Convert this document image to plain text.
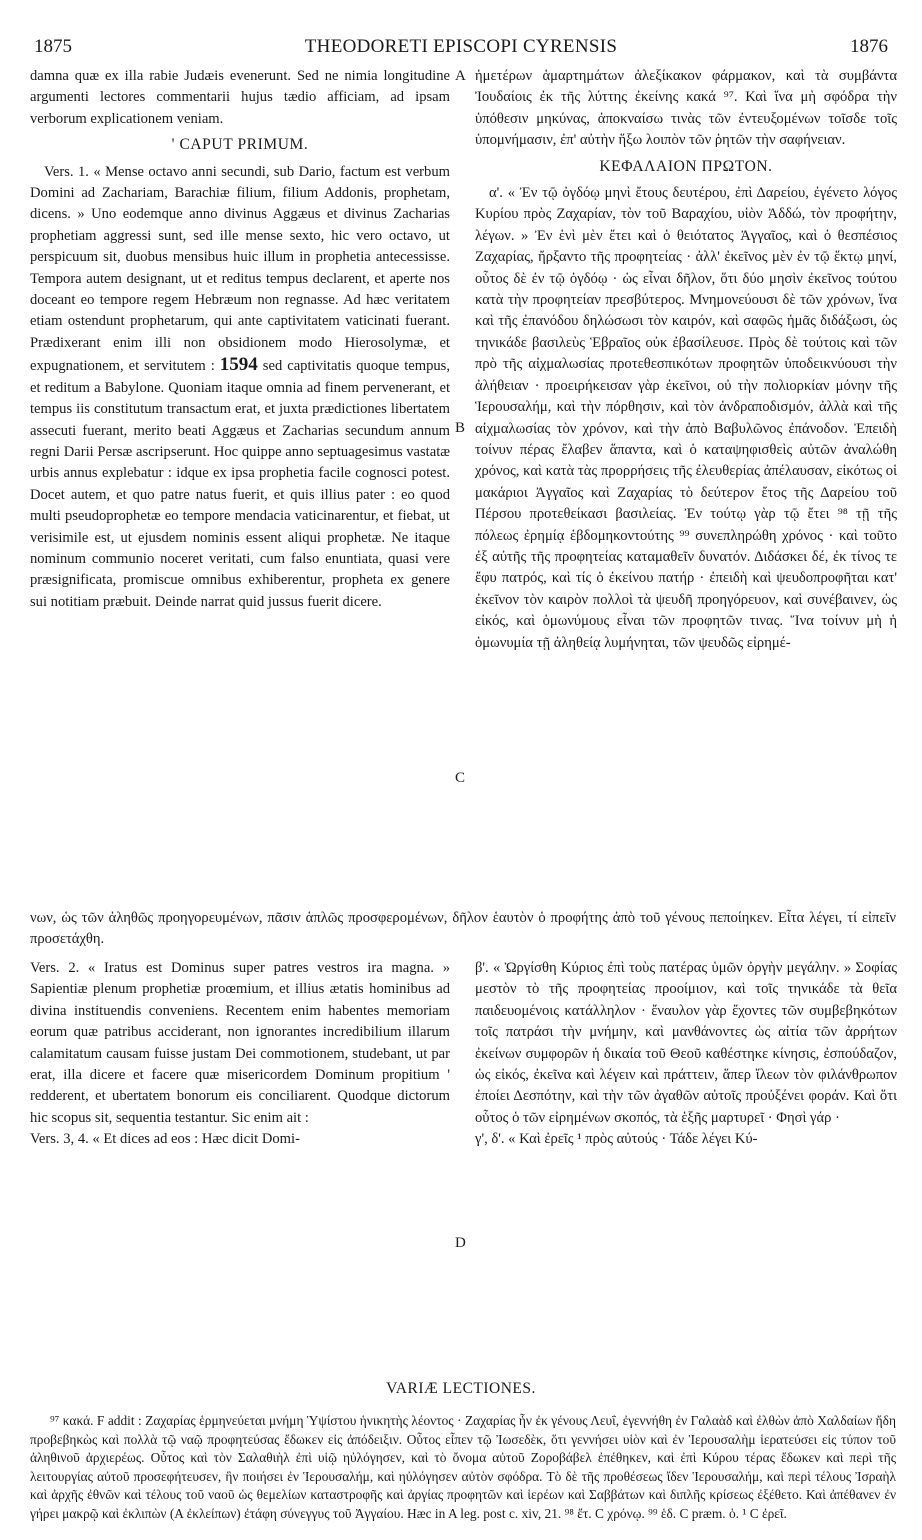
1875	THEODORETI EPISCOPI CYRENSIS	1876

damna quæ ex illa rabie Judæis evenerunt. Sed ne nimia longitudine argumenti lectores commentarii hujus tædio afficiam, ad ipsam verborum explicationem veniam.

' CAPUT PRIMUM.

Vers. 1. « Mense octavo anni secundi, sub Dario, factum est verbum Domini ad Zachariam, Barachiæ filium, filium Addonis, prophetam, dicens. » Uno eodemque anno divinus Aggæus et divinus Zacharias prophetiam aggressi sunt, sed ille mense sexto, hic vero octavo, ut perspicuum sit, duobus mensibus huic illum in prophetia antecessisse. Tempora autem designant, ut et reditus tempus declarent, et aperte nos doceant eo tempore regem Hebræum non regnasse. Ad hæc veritatem etiam ostendunt prophetarum, qui ante captivitatem vaticinati fuerant. Prædixerant enim illi non obsidionem modo Hierosolymæ, et expugnationem, et servitutem : 1594 sed captivitatis quoque tempus, et reditum a Babylone. Quoniam itaque omnia ad finem pervenerant, et tempus iis constitutum transactum erat, et juxta prædictiones libertatem assecuti fuerant, merito beati Aggæus et Zacharias secundum annum regni Darii Persæ ascripserunt. Hoc quippe anno septuagesimus vastatæ urbis annus explebatur : idque ex ipsa prophetia facile cognosci potest. Docet autem, et quo patre natus fuerit, et quis illius pater : eo quod multi pseudoprophetæ eo tempore mendacia vaticinarentur, et fiebat, ut verisimile est, ut ejusdem nominis essent aliqui prophetæ. Ne itaque nominum communio noceret veritati, cum falso enuntiata, quasi vere præsignificata, promiscue omnibus exhiberentur, propheta ex genere sui notitiam præbuit. Deinde narrat quid jussus fuerit dicere.

A
B
C
D

ἡμετέρων ἁμαρτημάτων ἀλεξίκακον φάρμακον, καὶ τὰ συμβάντα Ἰουδαίοις ἐκ τῆς λύττης ἐκείνης κακά ⁹⁷. Καὶ ἵνα μὴ σφόδρα τὴν ὑπόθεσιν μηκύνας, ἀποκναίσω τινὰς τῶν ἐντευξομένων τοῖσδε τοῖς ὑπομνήμασιν, ἐπ' αὐτὴν ἥξω λοιπὸν τῶν ῥητῶν τὴν σαφήνειαν.

ΚΕΦΑΛΑΙΟΝ ΠΡΩΤΟΝ.

α'. « Ἐν τῷ ὀγδόῳ μηνὶ ἔτους δευτέρου, ἐπὶ Δαρείου, ἐγένετο λόγος Κυρίου πρὸς Ζαχαρίαν, τὸν τοῦ Βαραχίου, υἱὸν Ἀδδώ, τὸν προφήτην, λέγων. » Ἐν ἑνὶ μὲν ἔτει καὶ ὁ θειότατος Ἀγγαῖος, καὶ ὁ θεσπέσιος Ζαχαρίας, ἤρξαντο τῆς προφητείας · ἀλλ' ἐκεῖνος μὲν ἐν τῷ ἕκτῳ μηνί, οὗτος δὲ ἐν τῷ ὀγδόῳ · ὡς εἶναι δῆλον, ὅτι δύο μησὶν ἐκεῖνος τούτου κατὰ τὴν προφητείαν πρεσβύτερος. Μνημονεύουσι δὲ τῶν χρόνων, ἵνα καὶ τῆς ἐπανόδου δηλώσωσι τὸν καιρόν, καὶ σαφῶς ἡμᾶς διδάξωσι, ὡς τηνικάδε βασιλεὺς Ἑβραῖος οὐκ ἐβασίλευσε. Πρὸς δὲ τούτοις καὶ τῶν πρὸ τῆς αἰχμαλωσίας προτεθεσπικότων προφητῶν ὑποδεικνύουσι τὴν ἀλήθειαν · προειρήκεισαν γὰρ ἐκεῖνοι, οὐ τὴν πολιορκίαν μόνην τῆς Ἱερουσαλήμ, καὶ τὴν πόρθησιν, καὶ τὸν ἀνδραποδισμόν, ἀλλὰ καὶ τῆς αἰχμαλωσίας τὸν χρόνον, καὶ τὴν ἀπὸ Βαβυλῶνος ἐπάνοδον. Ἐπειδὴ τοίνυν πέρας ἔλαβεν ἅπαντα, καὶ ὁ καταψηφισθεὶς αὐτῶν ἀναλώθη χρόνος, καὶ κατὰ τὰς προρρήσεις τῆς ἐλευθερίας ἀπέλαυσαν, εἰκότως οἱ μακάριοι Ἀγγαῖος καὶ Ζαχαρίας τὸ δεύτερον ἔτος τῆς Δαρείου τοῦ Πέρσου προτεθείκασι βασιλείας. Ἐν τούτῳ γὰρ τῷ ἔτει ⁹⁸ τῇ τῆς πόλεως ἐρημίᾳ ἑβδομηκοντούτης ⁹⁹ συνεπληρώθη χρόνος · καὶ τοῦτο ἐξ αὐτῆς τῆς προφητείας καταμαθεῖν δυνατόν. Διδάσκει δέ, ἐκ τίνος τε ἔφυ πατρός, καὶ τίς ὁ ἐκείνου πατήρ · ἐπειδὴ καὶ ψευδοπροφῆται κατ' ἐκεῖνον τὸν καιρὸν πολλοὶ τὰ ψευδῆ προηγόρευον, καὶ συνέβαινεν, ὡς εἰκός, καὶ ὁμωνύμους εἶναι τῶν προφητῶν τινας. Ἵνα τοίνυν μὴ ἡ ὁμωνυμία τῇ ἀληθείᾳ λυμήνηται, τῶν ψευδῶς εἰρημέ-

νων, ὡς τῶν ἀληθῶς προηγορευμένων, πᾶσιν ἁπλῶς προσφερομένων, δῆλον ἑαυτὸν ὁ προφήτης ἀπὸ τοῦ γένους πεποίηκεν. Εἶτα λέγει, τί εἰπεῖν προσετάχθη.

Vers. 2. « Iratus est Dominus super patres vestros ira magna. » Sapientiæ plenum prophetiæ proœmium, et illius ætatis hominibus ad divina instituendis conveniens. Recentem enim habentes memoriam eorum quæ patribus acciderant, non ignorantes incredibilium illarum calamitatum causam fuisse justam Dei commotionem, studebant, ut par erat, illa dicere et facere quæ misericordem Dominum propitium ' redderent, et ubertatem bonorum eis conciliarent. Quodque dictorum hic scopus sit, sequentia testantur. Sic enim ait :

Vers. 3, 4. « Et dices ad eos : Hæc dicit Domi-

β'. « Ὠργίσθη Κύριος ἐπὶ τοὺς πατέρας ὑμῶν ὀργὴν μεγάλην. » Σοφίας μεστὸν τὸ τῆς προφητείας προοίμιον, καὶ τοῖς τηνικάδε τὰ θεῖα παιδευομένοις κατάλληλον · ἔναυλον γὰρ ἔχοντες τῶν συμβεβηκότων τοῖς πατράσι τὴν μνήμην, καὶ μανθάνοντες ὡς αἰτία τῶν ἀρρήτων ἐκείνων συμφορῶν ἡ δικαία τοῦ Θεοῦ καθέστηκε κίνησις, ἐσπούδαζον, ὡς εἰκός, ἐκεῖνα καὶ λέγειν καὶ πράττειν, ἅπερ ἵλεων τὸν φιλάνθρωπον ἐποίει Δεσπότην, καὶ τὴν τῶν ἀγαθῶν αὐτοῖς προὐξένει φοράν. Καὶ ὅτι οὗτος ὁ τῶν εἰρημένων σκοπός, τὰ ἑξῆς μαρτυρεῖ · Φησὶ γάρ ·

γ', δ'. « Καὶ ἐρεῖς ¹ πρὸς αὐτούς · Τάδε λέγει Κύ-

VARIÆ LECTIONES.

⁹⁷ κακά. F addit : Ζαχαρίας ἑρμηνεύεται μνήμη Ὑψίστου ἡνικητὴς λέοντος · Ζαχαρίας ἦν ἐκ γένους Λευΐ, ἐγεννήθη ἐν Γαλαὰδ καὶ ἐλθὼν ἀπὸ Χαλδαίων ἤδη προβεβηκὼς καὶ πολλὰ τῷ ναῷ προφητεύσας ἔδωκεν εἰς ἀπόδειξιν. Οὗτος εἶπεν τῷ Ἰωσεδὲκ, ὅτι γεννήσει υἱὸν καὶ ἐν Ἱερουσαλὴμ ἱερατεύσει εἰς τύπον τοῦ ἀληθινοῦ ἀρχιερέως. Οὗτος καὶ τὸν Σαλαθιὴλ ἐπὶ υἱῷ ηὐλόγησεν, καὶ τὸ ὄνομα αὐτοῦ Ζοροβάβελ ἐπέθηκεν, καὶ ἐπὶ Κύρου τέρας ἔδωκεν καὶ περὶ τῆς λειτουργίας αὐτοῦ προσεφήτευσεν, ἣν ποιήσει ἐν Ἱερουσαλήμ, καὶ ηὐλόγησεν αὐτὸν σφόδρα. Τὸ δὲ τῆς προθέσεως ἴδεν Ἱερουσαλήμ, καὶ περὶ τέλους Ἰσραὴλ καὶ ἀρχῆς ἐθνῶν καὶ τέλους τοῦ ναοῦ ὡς θεμελίων καταστροφῆς καὶ ἀργίας προφητῶν καὶ ἱερέων καὶ Σαββάτων καὶ διπλῆς κρίσεως ἐξέθετο. Καὶ ἀπέθανεν ἐν γήρει μακρῷ καὶ ἐκλιπὼν (A ἐκλείπων) ἐτάφη σύνεγγυς τοῦ Ἀγγαίου. Hæc in A leg. post c. xiv, 21. ⁹⁸ ἔτ. C χρόνῳ. ⁹⁹ ἑδ. C præm. ὁ. ¹ C ἐρεῖ.
